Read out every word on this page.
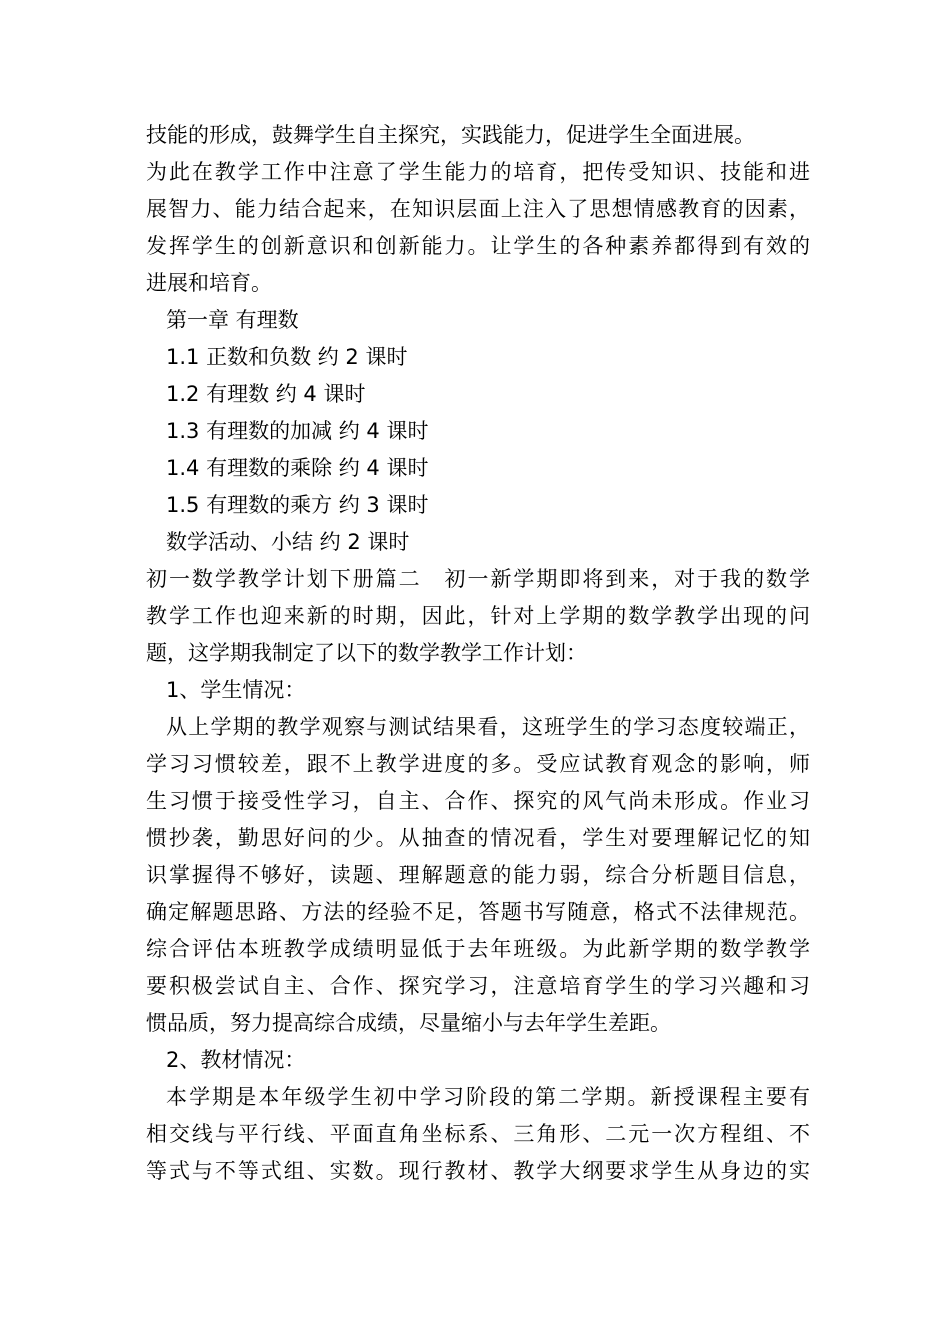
技能的形成，鼓舞学生自主探究，实践能力，促进学生全面进展。
为此在教学工作中注意了学生能力的培育，把传受知识、技能和进
展智力、能力结合起来，在知识层面上注入了思想情感教育的因素，
发挥学生的创新意识和创新能力。让学生的各种素养都得到有效的
进展和培育。
第一章 有理数
1.1 正数和负数 约 2 课时
1.2 有理数 约 4 课时
1.3 有理数的加减 约 4 课时
1.4 有理数的乘除 约 4 课时
1.5 有理数的乘方 约 3 课时
数学活动、小结 约 2 课时
初一数学教学计划下册篇二　初一新学期即将到来，对于我的数学
教学工作也迎来新的时期，因此，针对上学期的数学教学出现的问
题，这学期我制定了以下的数学教学工作计划：
1、学生情况：
从上学期的教学观察与测试结果看，这班学生的学习态度较端正，
学习习惯较差，跟不上教学进度的多。受应试教育观念的影响，师
生习惯于接受性学习，自主、合作、探究的风气尚未形成。作业习
惯抄袭，勤思好问的少。从抽查的情况看，学生对要理解记忆的知
识掌握得不够好，读题、理解题意的能力弱，综合分析题目信息，
确定解题思路、方法的经验不足，答题书写随意，格式不法律规范。
综合评估本班教学成绩明显低于去年班级。为此新学期的数学教学
要积极尝试自主、合作、探究学习，注意培育学生的学习兴趣和习
惯品质，努力提高综合成绩，尽量缩小与去年学生差距。
2、教材情况：
本学期是本年级学生初中学习阶段的第二学期。新授课程主要有
相交线与平行线、平面直角坐标系、三角形、二元一次方程组、不
等式与不等式组、实数。现行教材、教学大纲要求学生从身边的实
